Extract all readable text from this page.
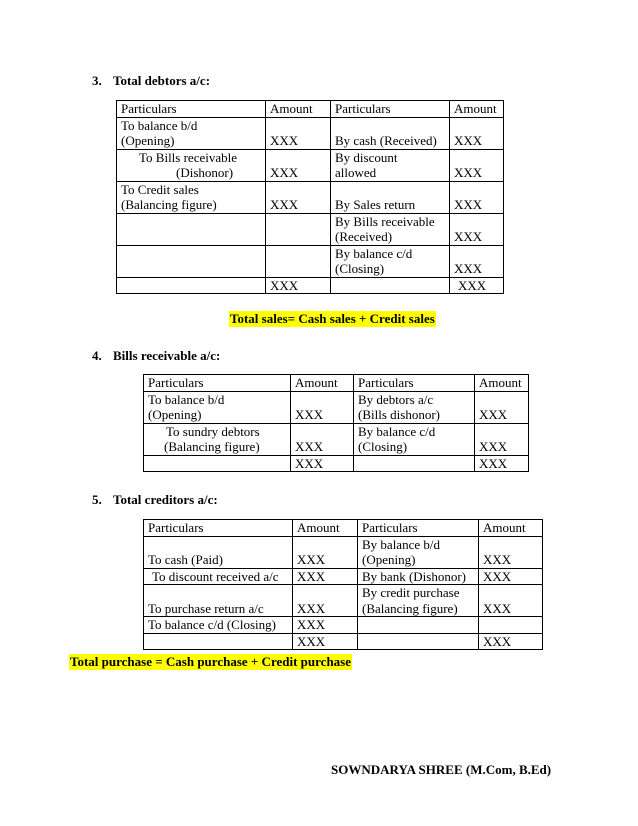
3. Total debtors a/c:
Particulars	Amount	Particulars	Amount

To balance b/d
(Opening)	XXX	By cash (Received)	XXX

To Bills receivable
(Dishonor)	XXX	By discount
allowed	XXX

To Credit sales
(Balancing figure)	XXX	By Sales return	XXX

		By Bills receivable
(Received)	XXX

		By balance c/d
(Closing)	XXX
	XXX		XXX
Total sales= Cash sales + Credit sales
4. Bills receivable a/c:
Particulars	Amount	Particulars	Amount

To balance b/d
(Opening)	XXX	By debtors a/c
(Bills dishonor)	XXX

To sundry debtors
(Balancing figure)	XXX	By balance c/d
(Closing)	XXX
	XXX		XXX
5. Total creditors a/c:
Particulars	Amount	Particulars	Amount
To cash (Paid)	XXX	By balance b/d
(Opening)	XXX
To discount received a/c	XXX	By bank (Dishonor)	XXX
To purchase return a/c	XXX	By credit purchase
(Balancing figure)	XXX
To balance c/d (Closing)	XXX		
	XXX		XXX
Total purchase = Cash purchase + Credit purchase
SOWNDARYA SHREE (M.Com, B.Ed)
